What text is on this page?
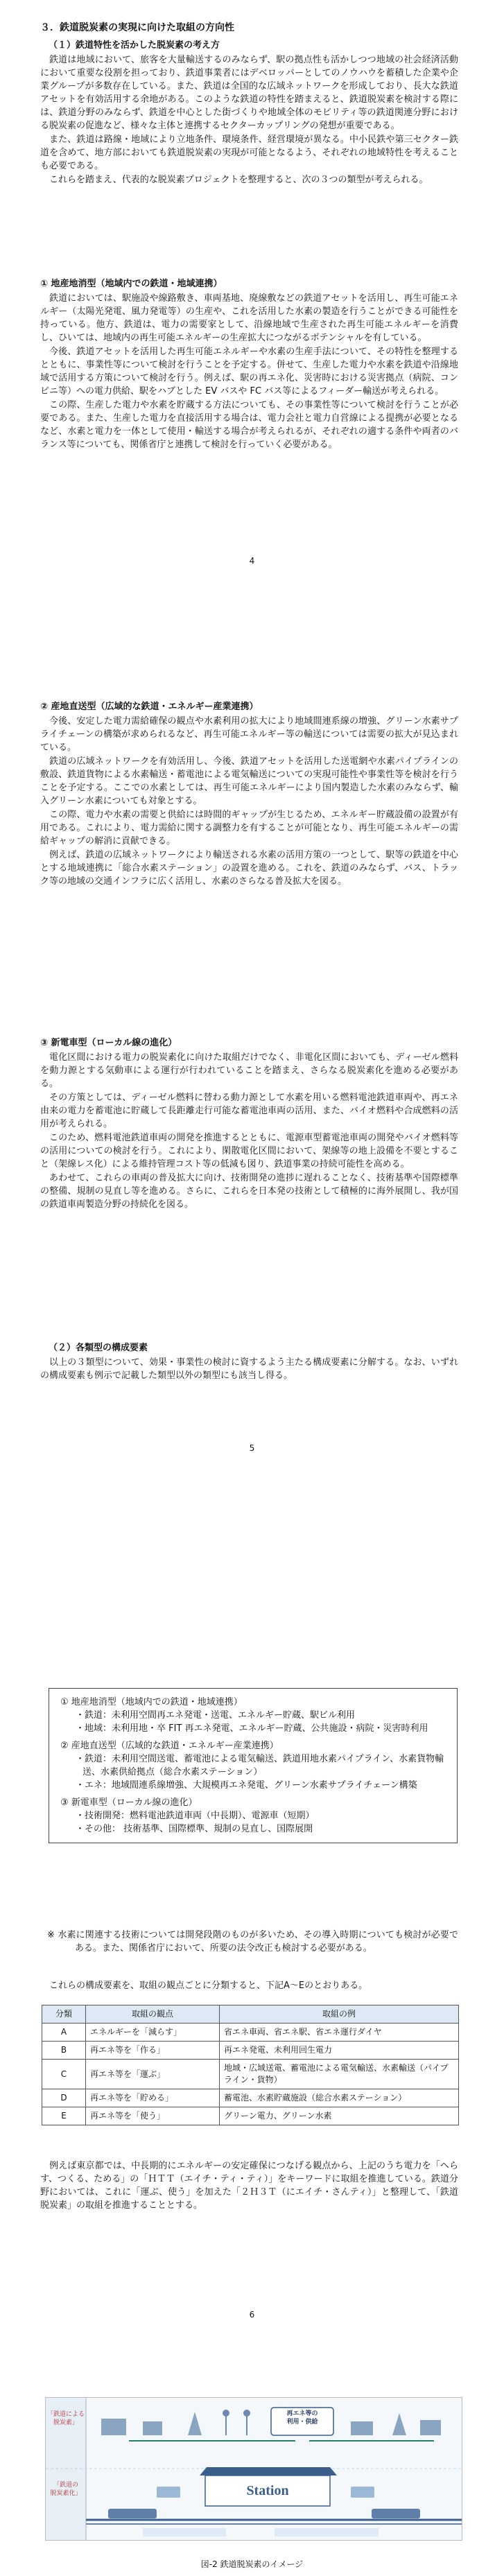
３．鉄道脱炭素の実現に向けた取組の方向性
（１）鉄道特性を活かした脱炭素の考え方

鉄道は地域において、旅客を大量輸送するのみならず、駅の拠点性も活かしつつ地域の社会経済活動において重要な役割を担っており、鉄道事業者にはデベロッパーとしてのノウハウを蓄積した企業や企業グループが多数存在している。また、鉄道は全国的な広域ネットワークを形成しており、長大な鉄道アセットを有効活用する余地がある。このような鉄道の特性を踏まえると、鉄道脱炭素を検討する際には、鉄道分野のみならず、鉄道を中心とした街づくりや地域全体のモビリティ等の鉄道関連分野における脱炭素の促進など、様々な主体と連携するセクターカップリングの発想が重要である。

また、鉄道は路線・地域により立地条件、環境条件、経営環境が異なる。中小民鉄や第三セクター鉄道を含めて、地方部においても鉄道脱炭素の実現が可能となるよう、それぞれの地域特性を考えることも必要である。

これらを踏まえ、代表的な脱炭素プロジェクトを整理すると、次の３つの類型が考えられる。

① 地産地消型（地域内での鉄道・地域連携）

鉄道においては、駅施設や線路敷き、車両基地、廃線敷などの鉄道アセットを活用し、再生可能エネルギー（太陽光発電、風力発電等）の生産や、これを活用した水素の製造を行うことができる可能性を持っている。他方、鉄道は、電力の需要家として、沿線地域で生産された再生可能エネルギーを消費し、ひいては、地域内の再生可能エネルギーの生産拡大につながるポテンシャルを有している。

今後、鉄道アセットを活用した再生可能エネルギーや水素の生産手法について、その特性を整理するとともに、事業性等について検討を行うことを予定する。併せて、生産した電力や水素を鉄道や沿線地域で活用する方策について検討を行う。例えば、駅の再エネ化、災害時における災害拠点（病院、コンビニ等）への電力供給、駅をハブとした EV バスや FC バス等によるフィーダー輸送が考えられる。

この際、生産した電力や水素を貯蔵する方法についても、その事業性等について検討を行うことが必要である。また、生産した電力を直接活用する場合は、電力会社と電力自営線による提携が必要となるなど、水素と電力を一体として使用・輸送する場合が考えられるが、それぞれの適する条件や両者のバランス等についても、関係省庁と連携して検討を行っていく必要がある。

4
② 産地直送型（広域的な鉄道・エネルギー産業連携）

今後、安定した電力需給確保の観点や水素利用の拡大により地域間連系線の増強、グリーン水素サプライチェーンの構築が求められるなど、再生可能エネルギー等の輸送については需要の拡大が見込まれている。

鉄道の広域ネットワークを有効活用し、今後、鉄道アセットを活用した送電網や水素パイプラインの敷設、鉄道貨物による水素輸送・蓄電池による電気輸送についての実現可能性や事業性等を検討を行うことを予定する。ここでの水素としては、再生可能エネルギーにより国内製造した水素のみならず、輸入グリーン水素についても対象とする。

この際、電力や水素の需要と供給には時間的ギャップが生じるため、エネルギー貯蔵設備の設置が有用である。これにより、電力需給に関する調整力を有することが可能となり、再生可能エネルギーの需給ギャップの解消に貢献できる。

例えば、鉄道の広域ネットワークにより輸送される水素の活用方策の一つとして、駅等の鉄道を中心とする地域連携に「総合水素ステーション」の設置を進める。これを、鉄道のみならず、バス、トラック等の地域の交通インフラに広く活用し、水素のさらなる普及拡大を図る。

③ 新電車型（ローカル線の進化）

電化区間における電力の脱炭素化に向けた取組だけでなく、非電化区間においても、ディーゼル燃料を動力源とする気動車による運行が行われていることを踏まえ、さらなる脱炭素化を進める必要がある。

その方策としては、ディーゼル燃料に替わる動力源として水素を用いる燃料電池鉄道車両や、再エネ由来の電力を蓄電池に貯蔵して長距離走行可能な蓄電池車両の活用、また、バイオ燃料や合成燃料の活用が考えられる。

このため、燃料電池鉄道車両の開発を推進するとともに、電源車型蓄電池車両の開発やバイオ燃料等の活用についての検討を行う。これにより、閑散電化区間において、架線等の地上設備を不要とすること（架線レス化）による維持管理コスト等の低減も図り、鉄道事業の持続可能性を高める。

あわせて、これらの車両の普及拡大に向け、技術開発の進捗に遅れることなく、技術基準や国際標準の整備、規制の見直し等を進める。さらに、これらを日本発の技術として積極的に海外展開し、我が国の鉄道車両製造分野の持続化を図る。

（２）各類型の構成要素

以上の３類型について、効果・事業性の検討に資するよう主たる構成要素に分解する。なお、いずれの構成要素も例示で記載した類型以外の類型にも該当し得る。

5
① 地産地消型（地域内での鉄道・地域連携）
・鉄道：未利用空間再エネ発電・送電、エネルギー貯蔵、駅ビル利用
・地域：未利用地・卒 FIT 再エネ発電、エネルギー貯蔵、公共施設・病院・災害時利用
② 産地直送型（広域的な鉄道・エネルギー産業連携）
・鉄道：未利用空間送電、蓄電池による電気輸送、鉄道用地水素パイプライン、水素貨物輸送、水素供給拠点（総合水素ステーション）
・エネ：地域間連系線増強、大規模再エネ発電、グリーン水素サプライチェーン構築
③ 新電車型（ローカル線の進化）
・技術開発：燃料電池鉄道車両（中長期）、電源車（短期）
・その他： 技術基準、国際標準、規制の見直し、国際展開

※ 水素に関連する技術については開発段階のものが多いため、その導入時期についても検討が必要である。また、関係省庁において、所要の法令改正も検討する必要がある。

これらの構成要素を、取組の観点ごとに分類すると、下記A～Eのとおりある。

分類	取組の観点	取組の例
A	エネルギーを「減らす」	省エネ車両、省エネ駅、省エネ運行ダイヤ
B	再エネ等を「作る」	再エネ発電、未利用回生電力
C	再エネ等を「運ぶ」	地域・広域送電、蓄電池による電気輸送、水素輸送（パイプライン・貨物）
D	再エネ等を「貯める」	蓄電池、水素貯蔵施設（総合水素ステーション）
E	再エネ等を「使う」	グリーン電力、グリーン水素

例えば東京都では、中長期的にエネルギーの安定確保につなげる観点から、上記のうち電力を「へらす、つくる、ためる」の「ＨＴＴ（エイチ・ティ・ティ）」をキーワードに取組を推進している。鉄道分野においては、これに「運ぶ、使う」を加えた「２Ｈ３Ｔ（にエイチ・さんティ）」と整理して、「鉄道脱炭素」の取組を推進することとする。

6
「鉄道による
脱炭素」
「鉄道の
脱炭素化」
再エネ等の
利用・供給
Station
図-2 鉄道脱炭素のイメージ
